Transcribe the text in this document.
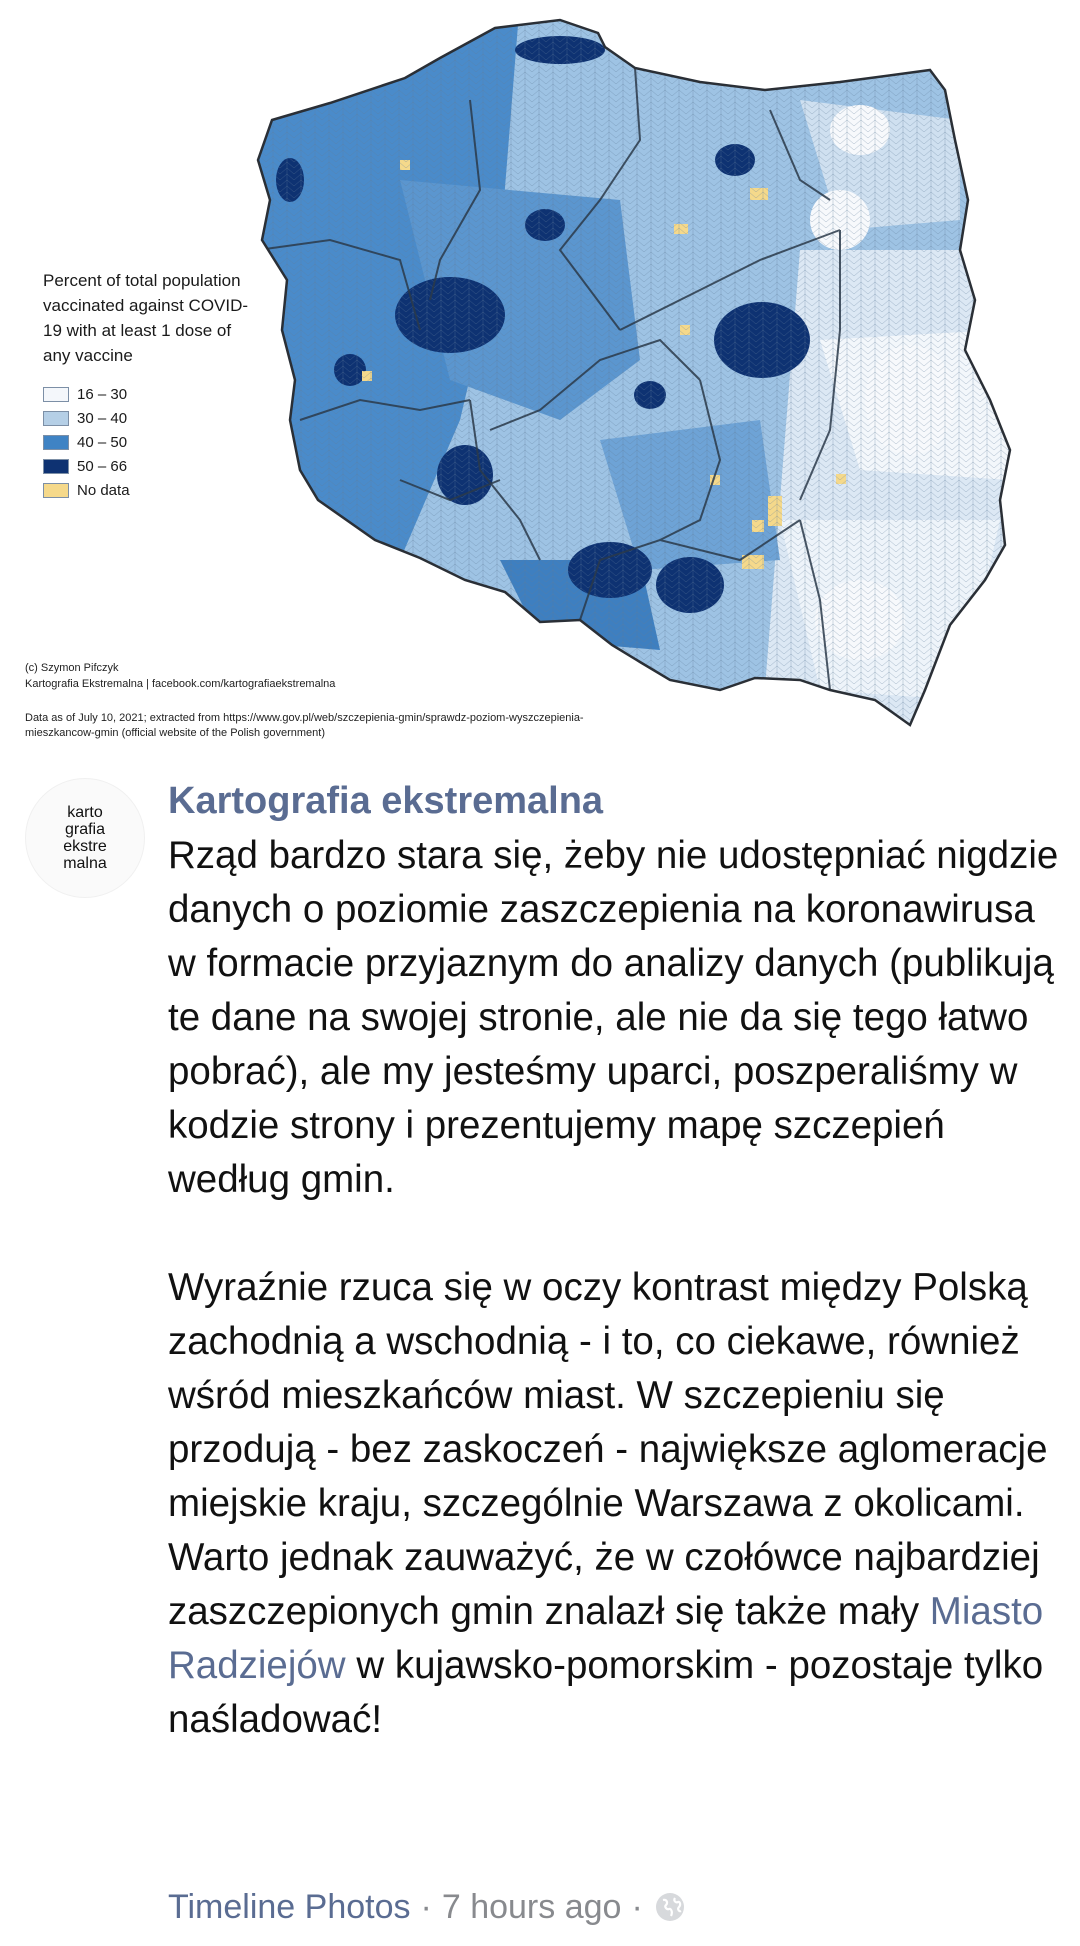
Percent of total population vaccinated against COVID-19 with at least 1 dose of any vaccine
16 – 30
30 – 40
40 – 50
50 – 66
No data
(c) Szymon Pifczyk
Kartografia Ekstremalna | facebook.com/kartografiaekstremalna
Data as of July 10, 2021; extracted from https://www.gov.pl/web/szczepienia-gmin/sprawdz-poziom-wyszczepienia-mieszkancow-gmin (official website of the Polish government)
karto
grafia
ekstre
malna
Kartografia ekstremalna

Rząd bardzo stara się, żeby nie udostępniać nigdzie danych o poziomie zaszczepienia na koronawirusa w formacie przyjaznym do analizy danych (publikują te dane na swojej stronie, ale nie da się tego łatwo pobrać), ale my jesteśmy uparci, poszperaliśmy w kodzie strony i prezentujemy mapę szczepień według gmin.

Wyraźnie rzuca się w oczy kontrast między Polską zachodnią a wschodnią - i to, co ciekawe, również wśród mieszkańców miast. W szczepieniu się przodują - bez zaskoczeń - największe aglomeracje miejskie kraju, szczególnie Warszawa z okolicami. Warto jednak zauważyć, że w czołówce najbardziej zaszczepionych gmin znalazł się także mały Miasto Radziejów w kujawsko-pomorskim - pozostaje tylko naśladować!

Timeline Photos · 7 hours ago ·
